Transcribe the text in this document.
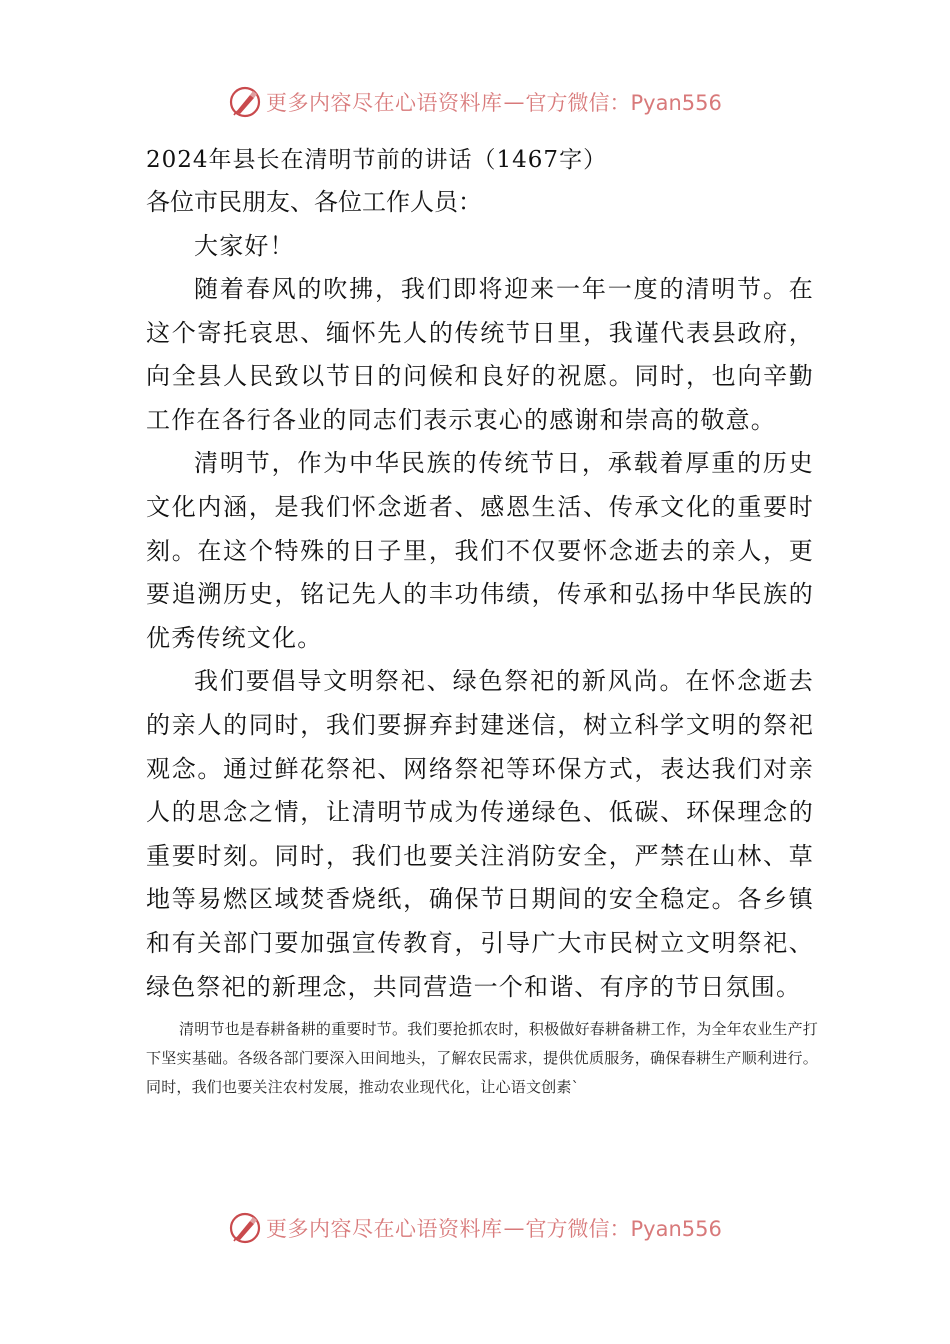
更多内容尽在心语资料库 — 官方微信：Pyan556

2024年县长在清明节前的讲话（1467字）

各位市民朋友、各位工作人员：

大家好！

随着春风的吹拂，我们即将迎来一年一度的清明节。在这个寄托哀思、缅怀先人的传统节日里，我谨代表县政府，向全县人民致以节日的问候和良好的祝愿。同时，也向辛勤工作在各行各业的同志们表示衷心的感谢和崇高的敬意。

清明节，作为中华民族的传统节日，承载着厚重的历史文化内涵，是我们怀念逝者、感恩生活、传承文化的重要时刻。在这个特殊的日子里，我们不仅要怀念逝去的亲人，更要追溯历史，铭记先人的丰功伟绩，传承和弘扬中华民族的优秀传统文化。

我们要倡导文明祭祀、绿色祭祀的新风尚。在怀念逝去的亲人的同时，我们要摒弃封建迷信，树立科学文明的祭祀观念。通过鲜花祭祀、网络祭祀等环保方式，表达我们对亲人的思念之情，让清明节成为传递绿色、低碳、环保理念的重要时刻。同时，我们也要关注消防安全，严禁在山林、草地等易燃区域焚香烧纸，确保节日期间的安全稳定。各乡镇和有关部门要加强宣传教育，引导广大市民树立文明祭祀、绿色祭祀的新理念，共同营造一个和谐、有序的节日氛围。

清明节也是春耕备耕的重要时节。我们要抢抓农时，积极做好春耕备耕工作，为全年农业生产打下坚实基础。各级各部门要深入田间地头，了解农民需求，提供优质服务，确保春耕生产顺利进行。同时，我们也要关注农村发展，推动农业现代化，让心语文创素`

更多内容尽在心语资料库 — 官方微信：Pyan556
